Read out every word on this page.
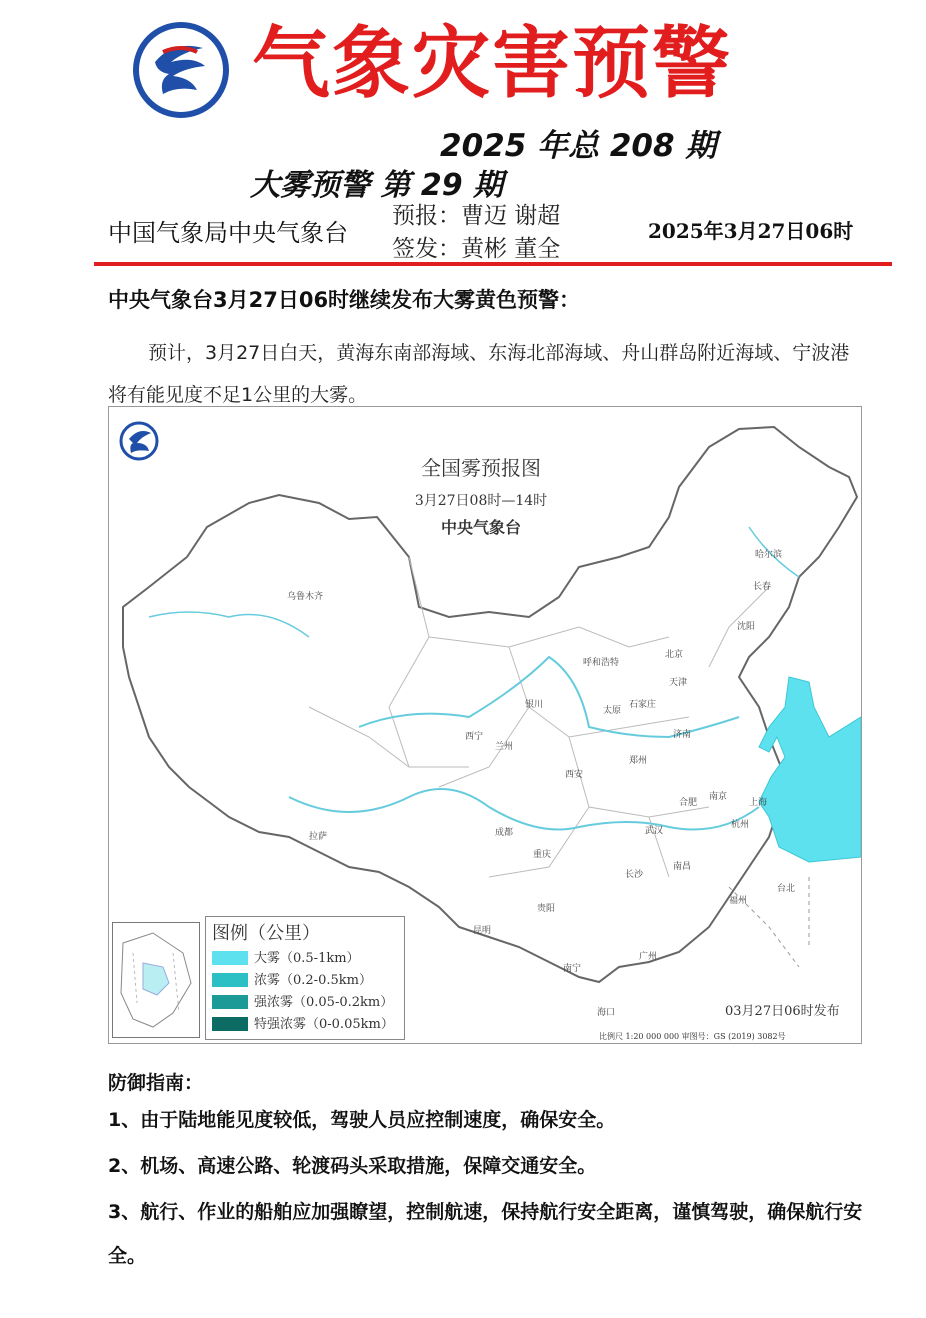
气象灾害预警
2025 年总 208 期
大雾预警 第 29 期
中国气象局中央气象台
预报：曹迈 谢超
签发：黄彬 董全
2025年3月27日06时
中央气象台3月27日06时继续发布大雾黄色预警：
预计，3月27日白天，黄海东南部海域、东海北部海域、舟山群岛附近海域、宁波港将有能见度不足1公里的大雾。
全国雾预报图
3月27日08时—14时
中央气象台
乌鲁木齐
哈尔滨
长春
沈阳
呼和浩特
北京
天津
银川
太原
石家庄
济南
西宁
兰州
郑州
西安
合肥
南京
上海
拉萨	成都	武汉
杭州
重庆
南昌
长沙
贵阳
福州
台北
昆明
广州
南宁
海口	03月27日06时发布
比例尺 1:20 000 000 审图号：GS (2019) 3082号
图例（公里）
大雾（0.5-1km）
浓雾（0.2-0.5km）
强浓雾（0.05-0.2km）
特强浓雾（0-0.05km）
防御指南：
1、由于陆地能见度较低，驾驶人员应控制速度，确保安全。
2、机场、高速公路、轮渡码头采取措施，保障交通安全。
3、航行、作业的船舶应加强瞭望，控制航速，保持航行安全距离，谨慎驾驶，确保航行安全。
